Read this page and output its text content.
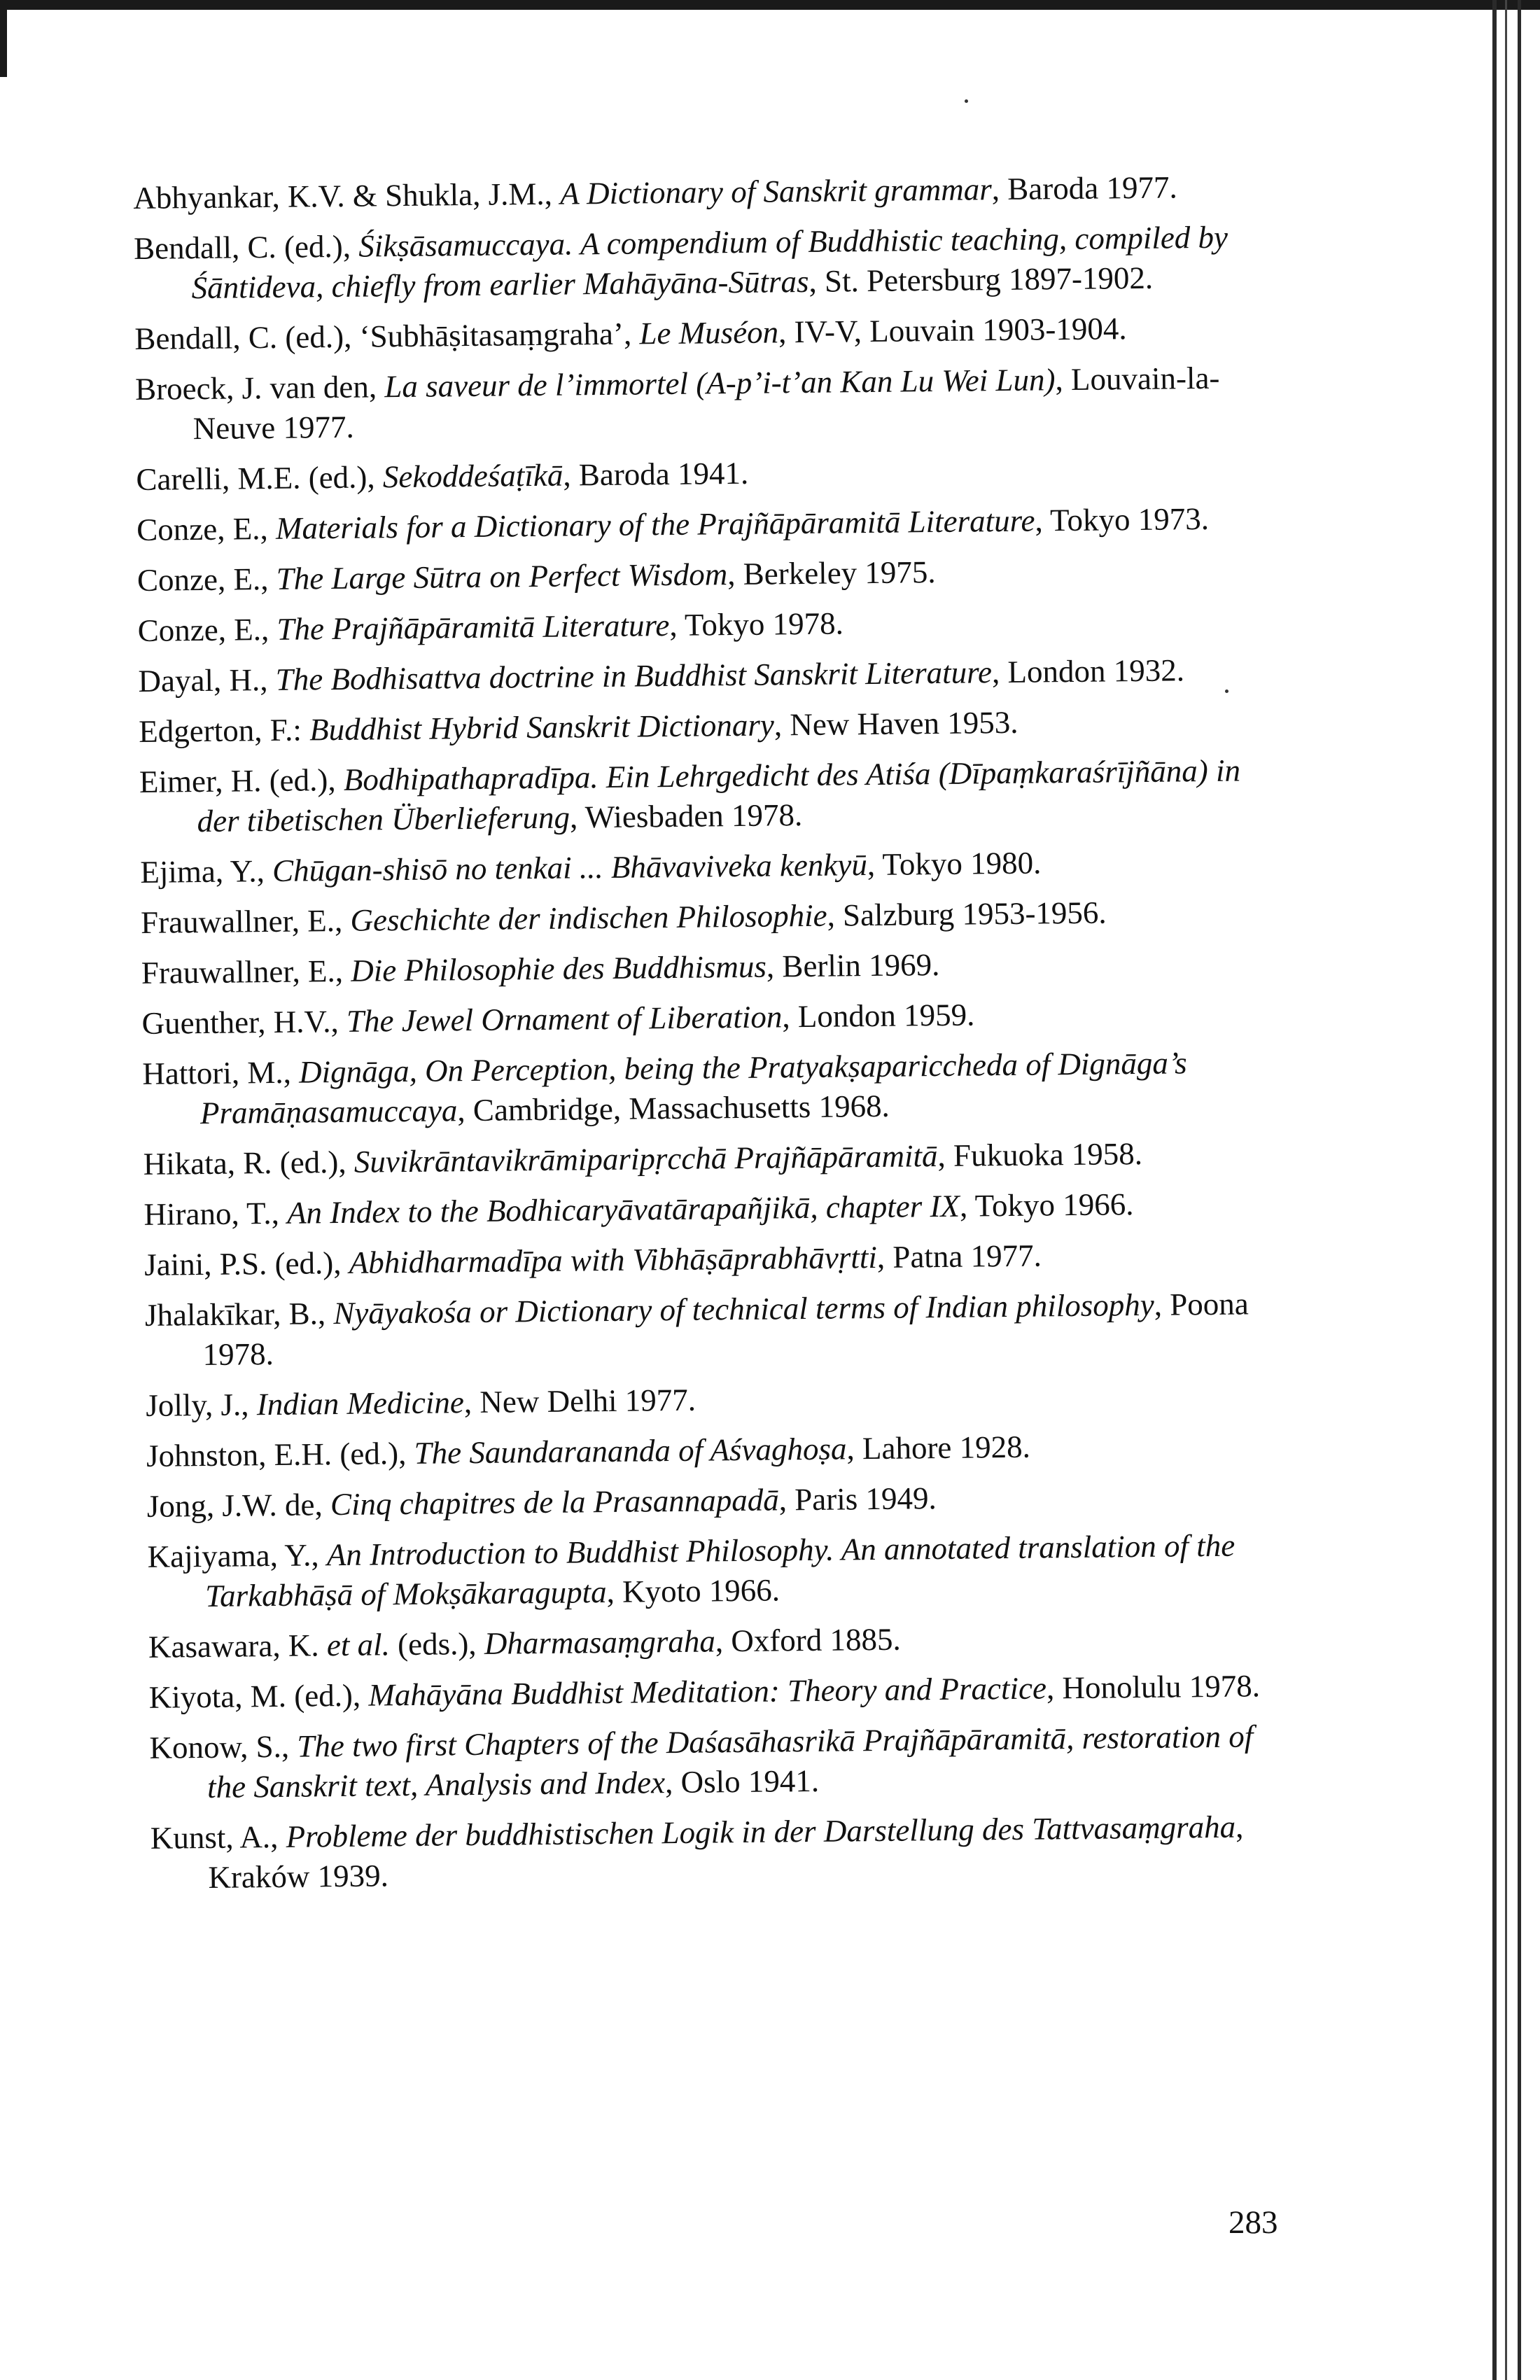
Abhyankar, K.V. & Shukla, J.M., A Dictionary of Sanskrit grammar, Baroda 1977.

Bendall, C. (ed.), Śikṣāsamuccaya. A compendium of Buddhistic teaching, compiled by Śāntideva, chiefly from earlier Mahāyāna-Sūtras, St. Petersburg 1897-1902.

Bendall, C. (ed.), ‘Subhāṣitasaṃgraha’, Le Muséon, IV-V, Louvain 1903-1904.

Broeck, J. van den, La saveur de l’immortel (A-p’i-t’an Kan Lu Wei Lun), Louvain-la-Neuve 1977.

Carelli, M.E. (ed.), Sekoddeśaṭīkā, Baroda 1941.

Conze, E., Materials for a Dictionary of the Prajñāpāramitā Literature, Tokyo 1973.

Conze, E., The Large Sūtra on Perfect Wisdom, Berkeley 1975.

Conze, E., The Prajñāpāramitā Literature, Tokyo 1978.

Dayal, H., The Bodhisattva doctrine in Buddhist Sanskrit Literature, London 1932.

Edgerton, F.: Buddhist Hybrid Sanskrit Dictionary, New Haven 1953.

Eimer, H. (ed.), Bodhipathapradīpa. Ein Lehrgedicht des Atiśa (Dīpaṃkaraśrījñāna) in der tibetischen Überlieferung, Wiesbaden 1978.

Ejima, Y., Chūgan-shisō no tenkai ... Bhāvaviveka kenkyū, Tokyo 1980.

Frauwallner, E., Geschichte der indischen Philosophie, Salzburg 1953-1956.

Frauwallner, E., Die Philosophie des Buddhismus, Berlin 1969.

Guenther, H.V., The Jewel Ornament of Liberation, London 1959.

Hattori, M., Dignāga, On Perception, being the Pratyakṣapariccheda of Dignāga’s Pramāṇasamuccaya, Cambridge, Massachusetts 1968.

Hikata, R. (ed.), Suvikrāntavikrāmiparipṛcchā Prajñāpāramitā, Fukuoka 1958.

Hirano, T., An Index to the Bodhicaryāvatārapañjikā, chapter IX, Tokyo 1966.

Jaini, P.S. (ed.), Abhidharmadīpa with Vibhāṣāprabhāvṛtti, Patna 1977.

Jhalakīkar, B., Nyāyakośa or Dictionary of technical terms of Indian philosophy, Poona 1978.

Jolly, J., Indian Medicine, New Delhi 1977.

Johnston, E.H. (ed.), The Saundarananda of Aśvaghoṣa, Lahore 1928.

Jong, J.W. de, Cinq chapitres de la Prasannapadā, Paris 1949.

Kajiyama, Y., An Introduction to Buddhist Philosophy. An annotated translation of the Tarkabhāṣā of Mokṣākaragupta, Kyoto 1966.

Kasawara, K. et al. (eds.), Dharmasaṃgraha, Oxford 1885.

Kiyota, M. (ed.), Mahāyāna Buddhist Meditation: Theory and Practice, Honolulu 1978.

Konow, S., The two first Chapters of the Daśasāhasrikā Prajñāpāramitā, restoration of the Sanskrit text, Analysis and Index, Oslo 1941.

Kunst, A., Probleme der buddhistischen Logik in der Darstellung des Tattvasaṃgraha, Kraków 1939.

283
